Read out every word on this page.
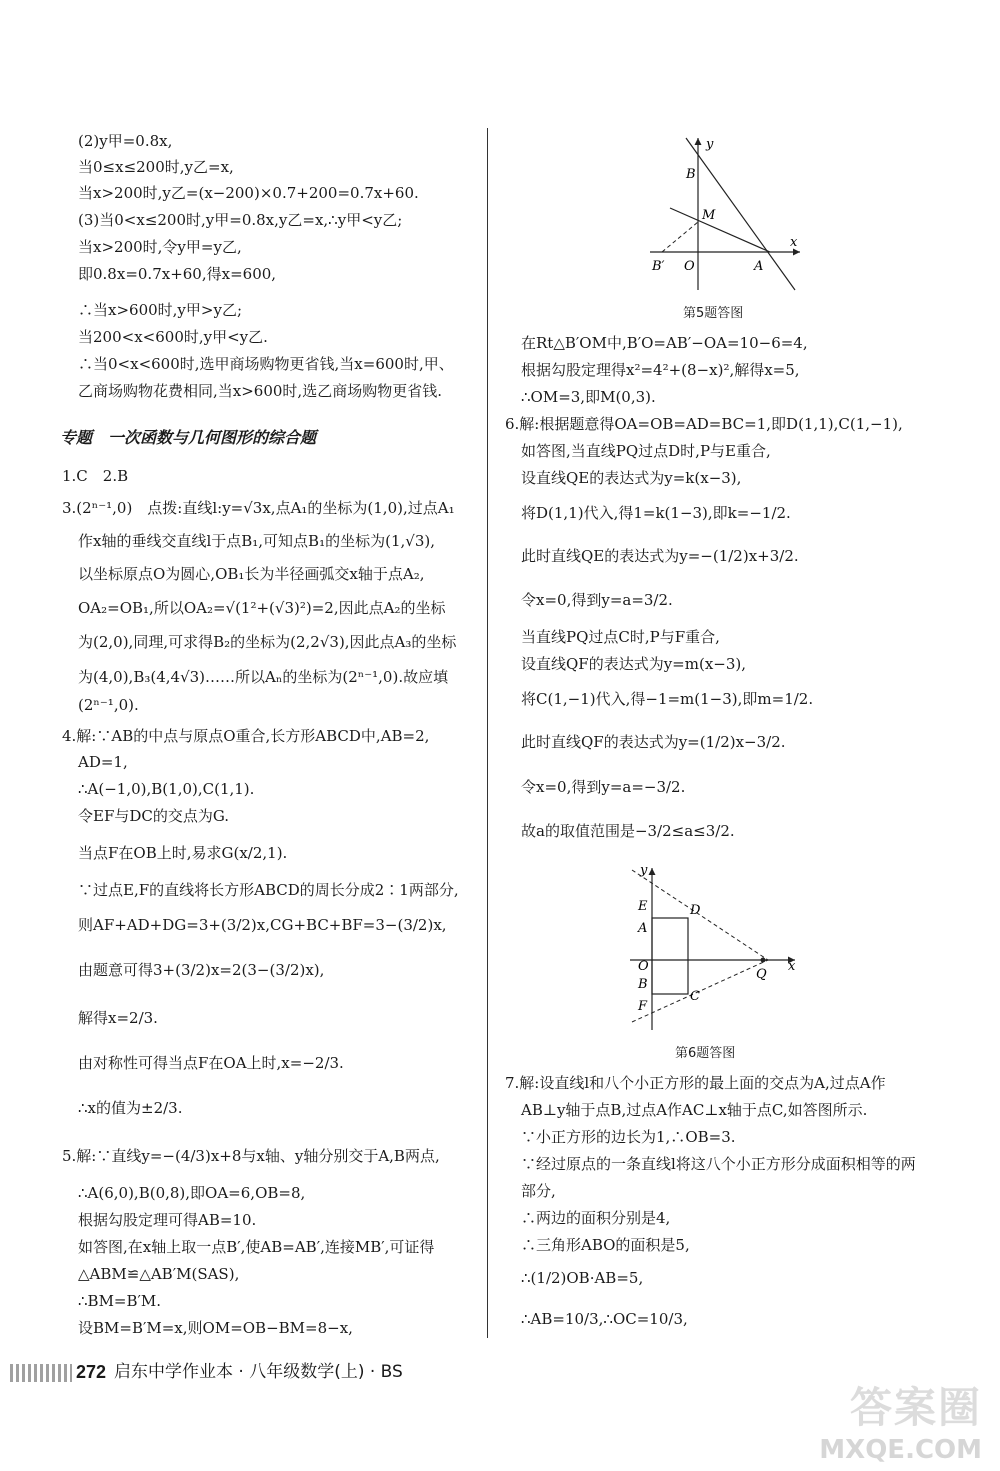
(2)y甲=0.8x,
当0≤x≤200时,y乙=x,
当x>200时,y乙=(x−200)×0.7+200=0.7x+60.
(3)当0<x≤200时,y甲=0.8x,y乙=x,∴y甲<y乙;
当x>200时,令y甲=y乙,
即0.8x=0.7x+60,得x=600,
∴当x>600时,y甲>y乙;
当200<x<600时,y甲<y乙.
∴当0<x<600时,选甲商场购物更省钱,当x=600时,甲、
乙商场购物花费相同,当x>600时,选乙商场购物更省钱.
专题　一次函数与几何图形的综合题
1.C　2.B
3.(2ⁿ⁻¹,0)　点拨:直线l:y=√3x,点A₁的坐标为(1,0),过点A₁
作x轴的垂线交直线l于点B₁,可知点B₁的坐标为(1,√3),
以坐标原点O为圆心,OB₁长为半径画弧交x轴于点A₂,
OA₂=OB₁,所以OA₂=√(1²+(√3)²)=2,因此点A₂的坐标
为(2,0),同理,可求得B₂的坐标为(2,2√3),因此点A₃的坐标
为(4,0),B₃(4,4√3)……所以Aₙ的坐标为(2ⁿ⁻¹,0).故应填
(2ⁿ⁻¹,0).
4.解:∵AB的中点与原点O重合,长方形ABCD中,AB=2,
AD=1,
∴A(−1,0),B(1,0),C(1,1).
令EF与DC的交点为G.
当点F在OB上时,易求G(x/2,1).
∵过点E,F的直线将长方形ABCD的周长分成2∶1两部分,
则AF+AD+DG=3+(3/2)x,CG+BC+BF=3−(3/2)x,
由题意可得3+(3/2)x=2(3−(3/2)x),
解得x=2/3.
由对称性可得当点F在OA上时,x=−2/3.
∴x的值为±2/3.
5.解:∵直线y=−(4/3)x+8与x轴、y轴分别交于A,B两点,
∴A(6,0),B(0,8),即OA=6,OB=8,
根据勾股定理可得AB=10.
如答图,在x轴上取一点B′,使AB=AB′,连接MB′,可证得
△ABM≌△AB′M(SAS),
∴BM=B′M.
设BM=B′M=x,则OM=OB−BM=8−x,
y
x
B
M
B′ O	A
第5题答图
在Rt△B′OM中,B′O=AB′−OA=10−6=4,
根据勾股定理得x²=4²+(8−x)²,解得x=5,
∴OM=3,即M(0,3).
6.解:根据题意得OA=OB=AD=BC=1,即D(1,1),C(1,−1),
如答图,当直线PQ过点D时,P与E重合,
设直线QE的表达式为y=k(x−3),
将D(1,1)代入,得1=k(1−3),即k=−1/2.
此时直线QE的表达式为y=−(1/2)x+3/2.
令x=0,得到y=a=3/2.
当直线PQ过点C时,P与F重合,
设直线QF的表达式为y=m(x−3),
将C(1,−1)代入,得−1=m(1−3),即m=1/2.
此时直线QF的表达式为y=(1/2)x−3/2.
令x=0,得到y=a=−3/2.
故a的取值范围是−3/2≤a≤3/2.
第6题答图
7.解:设直线l和八个小正方形的最上面的交点为A,过点A作
AB⊥y轴于点B,过点A作AC⊥x轴于点C,如答图所示.
∵小正方形的边长为1,∴OB=3.
∵经过原点的一条直线l将这八个小正方形分成面积相等的两
部分,
∴两边的面积分别是4,
∴三角形ABO的面积是5,
∴(1/2)OB·AB=5,
∴AB=10/3,∴OC=10/3,
y
x
E	D
A
O
B
F
C
Q
272 启东中学作业本 · 八年级数学(上) · BS
答案圈
MXQE.COM
